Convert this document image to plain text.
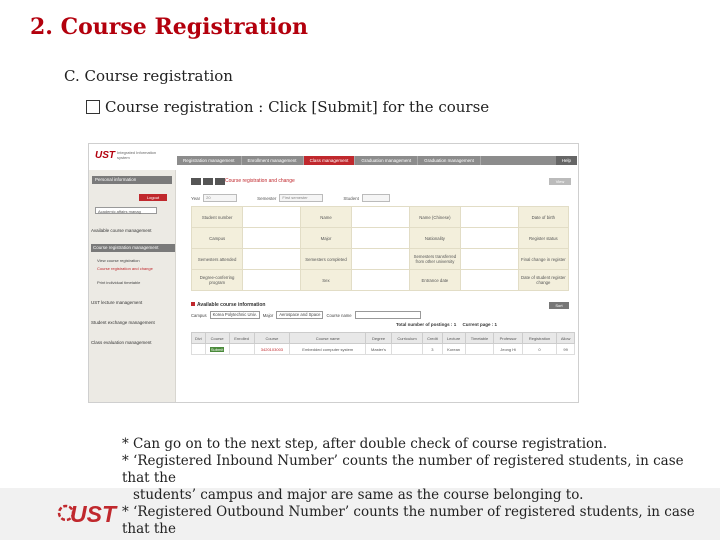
2. Course Registration
C. Course registration
Course registration : Click [Submit] for the course
UST Integrated Information system
Registration management	Enrollment management	Class management	Graduation management	Graduation management	Help
Personal information
Logout
Academic affairs manag
Available course management
Course registration management
View course registration
Course registration and change
Print individual timetable
UST lecture management
Student exchange management
Class evaluation management
Course registration and change	View
Year	20	Semester	First semester	Student
Student number		Name		Name (Chinese)		Date of birth
Campus		Major		Nationality		Register status
Semesters attended		Semesters completed		Semesters transferred from other university		Final change in register
Degree-conferring program		Sex		Entrance date		Date of student register change
Available course information	Sort
Campus	Korea Polytechnic Univ.	Major	Aerospace and Space	Course name
Total number of postings : 1 Current page : 1
Divi	Course	Enrolled	Course	Course name	Degree	Curriculum	Credit	Lecture	Timetable	Professor	Registration	Allow
	Submit		3420103003	Embedded computer system	Master's		3	Korean		Jeong Hi	0	99
UST

* Can go on to the next step, after double check of course registration.

* ‘Registered Inbound Number’ counts the number of registered students, in case that the

students’ campus and major are same as the course belonging to.

* ‘Registered Outbound Number’ counts the number of registered students, in case that the
